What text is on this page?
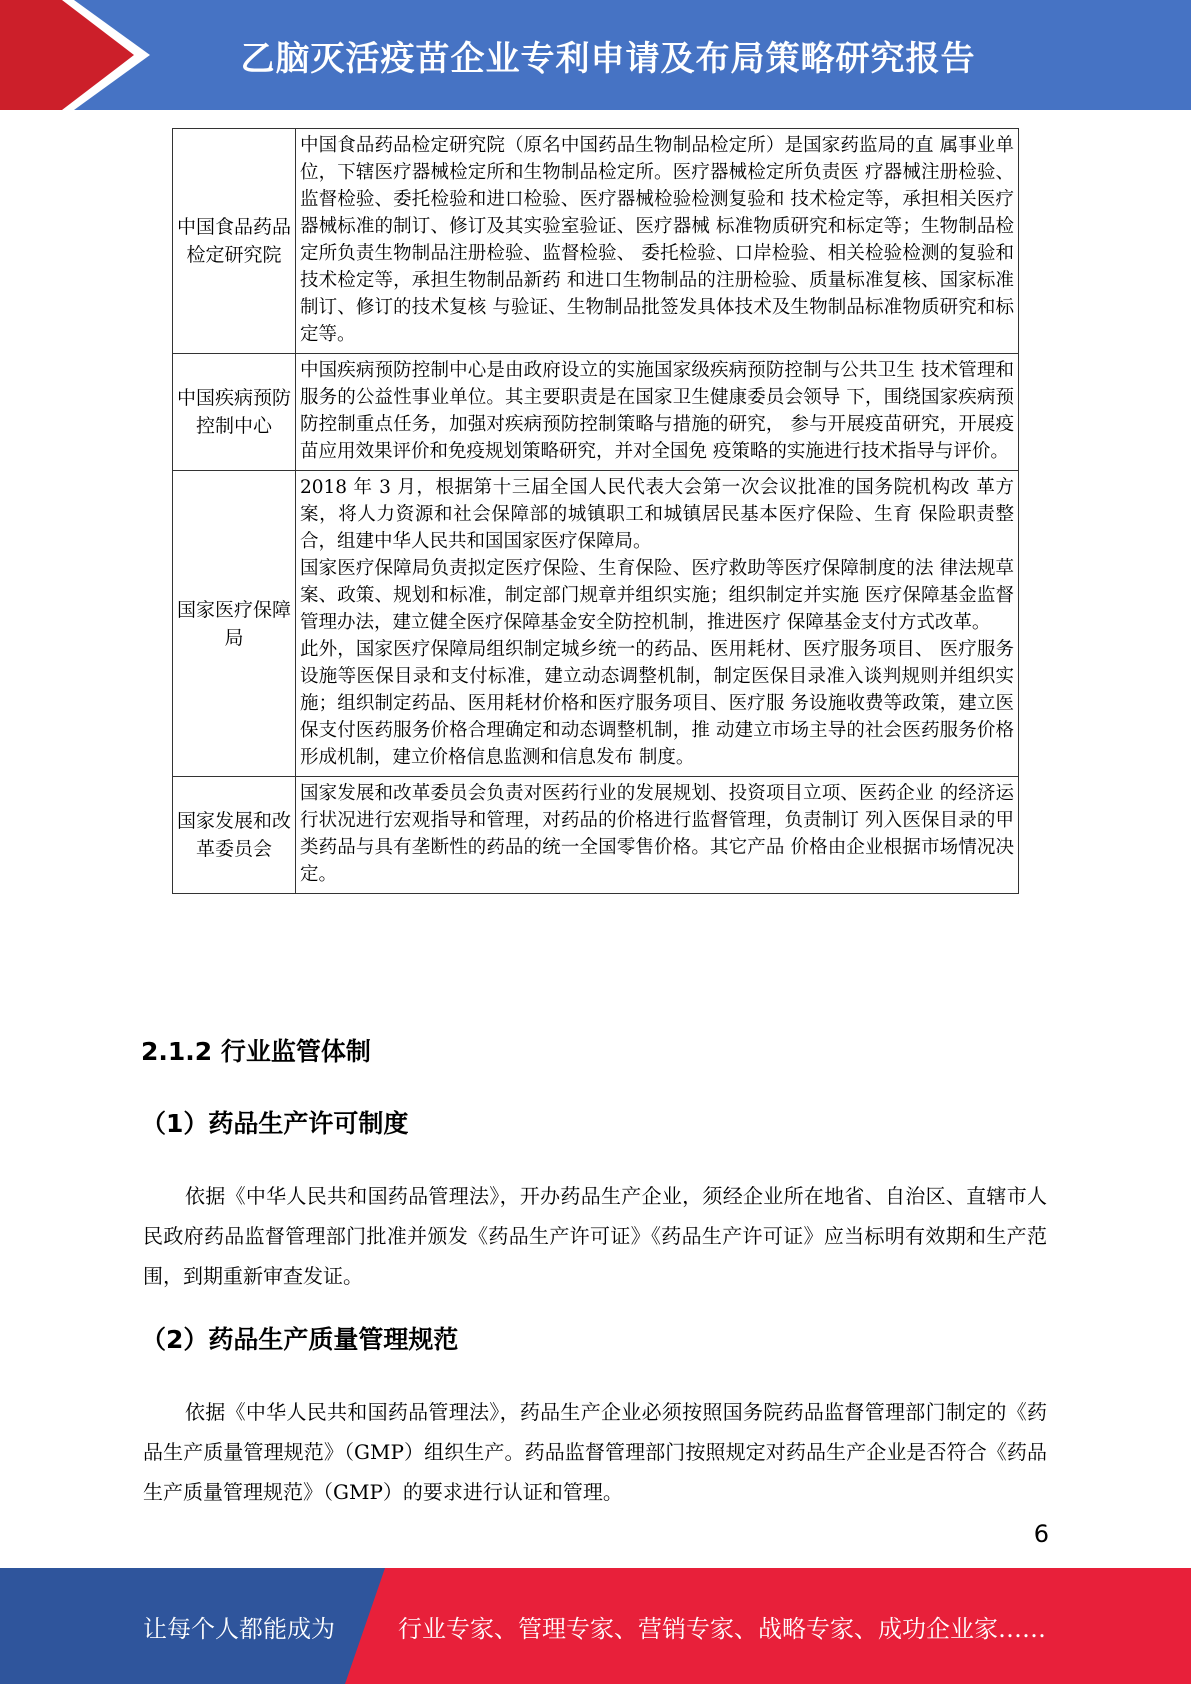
乙脑灭活疫苗企业专利申请及布局策略研究报告
中国食品药品检定研究院	中国食品药品检定研究院（原名中国药品生物制品检定所）是国家药监局的直 属事业单位，下辖医疗器械检定所和生物制品检定所。医疗器械检定所负责医 疗器械注册检验、监督检验、委托检验和进口检验、医疗器械检验检测复验和 技术检定等，承担相关医疗器械标准的制订、修订及其实验室验证、医疗器械 标准物质研究和标定等；生物制品检定所负责生物制品注册检验、监督检验、 委托检验、口岸检验、相关检验检测的复验和技术检定等，承担生物制品新药 和进口生物制品的注册检验、质量标准复核、国家标准制订、修订的技术复核 与验证、生物制品批签发具体技术及生物制品标准物质研究和标定等。

中国疾病预防控制中心	中国疾病预防控制中心是由政府设立的实施国家级疾病预防控制与公共卫生 技术管理和服务的公益性事业单位。其主要职责是在国家卫生健康委员会领导 下，围绕国家疾病预防控制重点任务，加强对疾病预防控制策略与措施的研究， 参与开展疫苗研究，开展疫苗应用效果评价和免疫规划策略研究，并对全国免 疫策略的实施进行技术指导与评价。

国家医疗保障局	2018 年 3 月，根据第十三届全国人民代表大会第一次会议批准的国务院机构改 革方案，将人力资源和社会保障部的城镇职工和城镇居民基本医疗保险、生育 保险职责整合，组建中华人民共和国国家医疗保障局。

国家医疗保障局负责拟定医疗保险、生育保险、医疗救助等医疗保障制度的法 律法规草案、政策、规划和标准，制定部门规章并组织实施；组织制定并实施 医疗保障基金监督管理办法，建立健全医疗保障基金安全防控机制，推进医疗 保障基金支付方式改革。

此外，国家医疗保障局组织制定城乡统一的药品、医用耗材、医疗服务项目、 医疗服务设施等医保目录和支付标准，建立动态调整机制，制定医保目录准入谈判规则并组织实施；组织制定药品、医用耗材价格和医疗服务项目、医疗服 务设施收费等政策，建立医保支付医药服务价格合理确定和动态调整机制，推 动建立市场主导的社会医药服务价格形成机制，建立价格信息监测和信息发布 制度。

国家发展和改革委员会	国家发展和改革委员会负责对医药行业的发展规划、投资项目立项、医药企业 的经济运行状况进行宏观指导和管理，对药品的价格进行监督管理，负责制订 列入医保目录的甲类药品与具有垄断性的药品的统一全国零售价格。其它产品 价格由企业根据市场情况决定。

2.1.2 行业监管体制
（1）药品生产许可制度

依据《中华人民共和国药品管理法》，开办药品生产企业，须经企业所在地省、自治区、直辖市人民政府药品监督管理部门批准并颁发《药品生产许可证》《药品生产许可证》应当标明有效期和生产范围，到期重新审查发证。

（2）药品生产质量管理规范

依据《中华人民共和国药品管理法》，药品生产企业必须按照国务院药品监督管理部门制定的《药品生产质量管理规范》（GMP）组织生产。药品监督管理部门按照规定对药品生产企业是否符合《药品生产质量管理规范》（GMP）的要求进行认证和管理。

6
让每个人都能成为	行业专家、管理专家、营销专家、战略专家、成功企业家……
